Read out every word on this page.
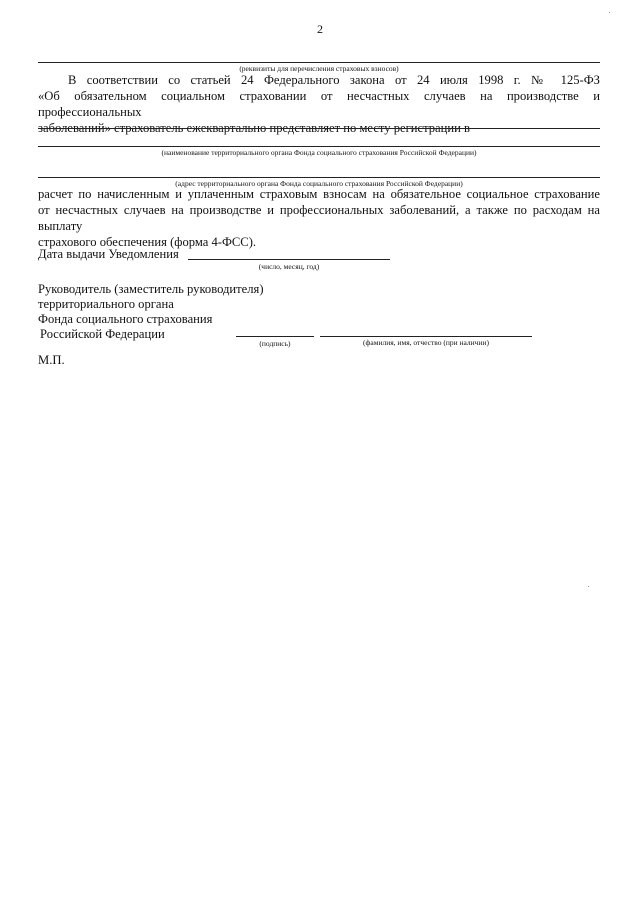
2
(реквизиты для перечисления страховых взносов)
В соответствии со статьей 24 Федерального закона от 24 июля 1998 г. № 125-ФЗ
«Об обязательном социальном страховании от несчастных случаев на производстве и профессиональных
заболеваний» страхователь ежеквартально представляет по месту регистрации в
(наименование территориального органа Фонда социального страхования Российской Федерации)
(адрес территориального органа Фонда социального страхования Российской Федерации)
расчет по начисленным и уплаченным страховым взносам на обязательное социальное страхование
от несчастных случаев на производстве и профессиональных заболеваний, а также по расходам на выплату
страхового обеспечения (форма 4-ФСС).
Дата выдачи Уведомления
(число, месяц, год)
Руководитель (заместитель руководителя)
территориального органа
Фонда социального страхования
Российской Федерации
(подпись)	(фамилия, имя, отчество (при наличии)
М.П.
